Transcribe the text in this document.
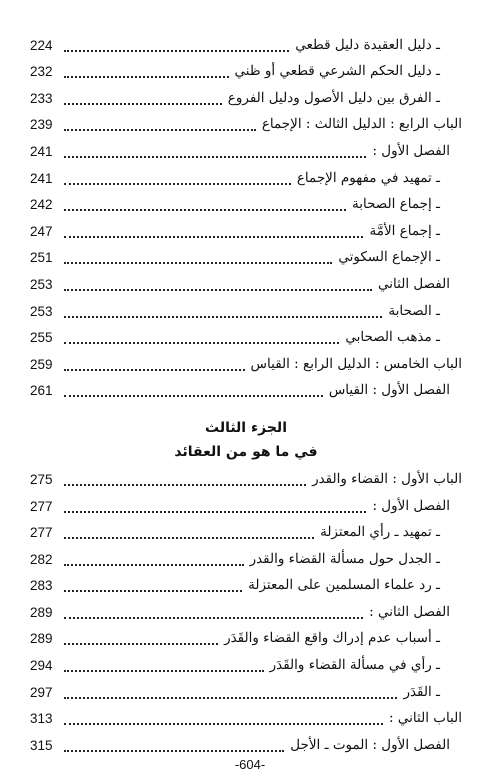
ـ دليل العقيدة دليل قطعي
224
ـ دليل الحكم الشرعي قطعي أو ظني
232
ـ الفرق بين دليل الأصول ودليل الفروع
233
الباب الرابع : الدليل الثالث : الإجماع
239
الفصل الأول :
241
ـ تمهيد في مفهوم الإجماع
241
ـ إجماع الصحابة
242
ـ إجماع الأمَّة
247
ـ الإجماع السكوتي
251
الفصل الثاني
253
ـ الصحابة
253
ـ مذهب الصحابي
255
الباب الخامس : الدليل الرابع : القياس
259
الفصل الأول : القياس
261
الجزء الثالث
في ما هو من العقائد
الباب الأول : القضاء والقدر
275
الفصل الأول :
277
ـ تمهيد ـ رأي المعتزلة
277
ـ الجدل حول مسألة القضاء والقدر
282
ـ رد علماء المسلمين على المعتزلة
283
الفصل الثاني :
289
ـ أسباب عدم إدراك واقع القضاء والقَدَر
289
ـ رأي في مسألة القضاء والقَدَر
294
ـ القَدَر
297
الباب الثاني :
313
الفصل الأول : الموت ـ الأجل
315
-604-
